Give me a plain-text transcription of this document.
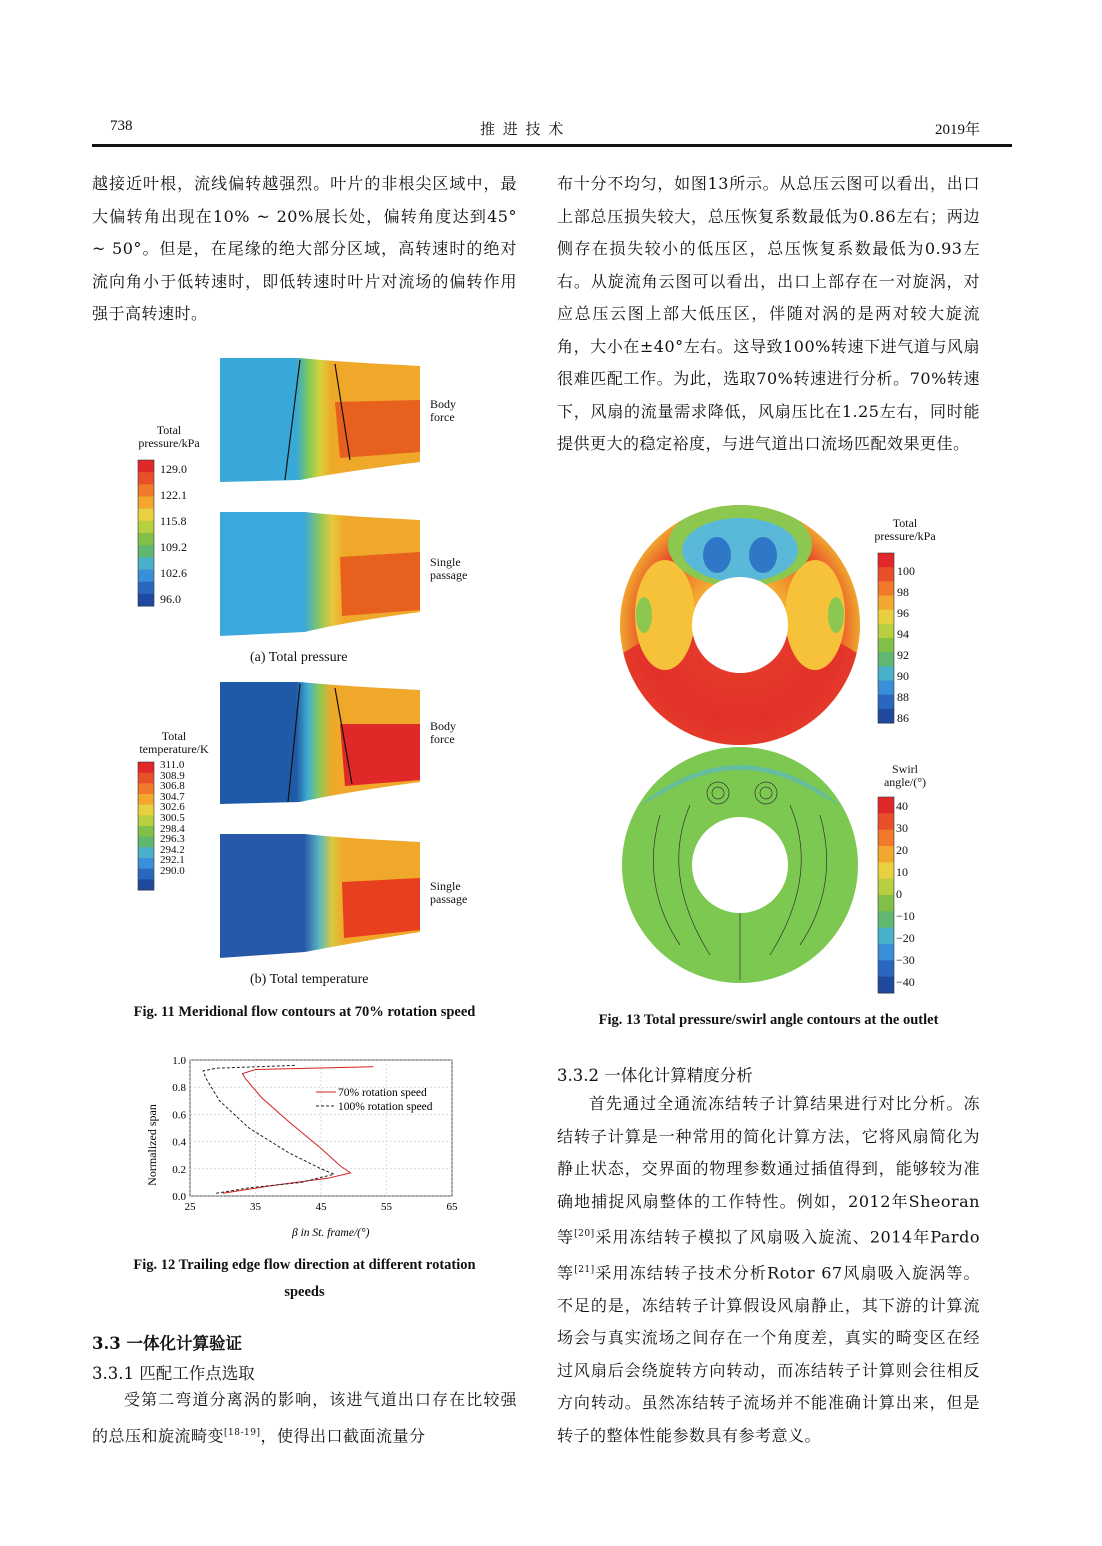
738	推 进 技 术	2019年

越接近叶根，流线偏转越强烈。叶片的非根尖区域中，最大偏转角出现在10% ~ 20%展长处，偏转角度达到45° ~ 50°。但是，在尾缘的绝大部分区域，高转速时的绝对流向角小于低转速时，即低转速时叶片对流场的偏转作用强于高转速时。

布十分不均匀，如图13所示。从总压云图可以看出，出口上部总压损失较大，总压恢复系数最低为0.86左右；两边侧存在损失较小的低压区，总压恢复系数最低为0.93左右。从旋流角云图可以看出，出口上部存在一对旋涡，对应总压云图上部大低压区，伴随对涡的是两对较大旋流角，大小在±40°左右。这导致100%转速下进气道与风扇很难匹配工作。为此，选取70%转速进行分析。70%转速下，风扇的流量需求降低，风扇压比在1.25左右，同时能提供更大的稳定裕度，与进气道出口流场匹配效果更佳。

Total
pressure/kPa
129.0
122.1
115.8
109.2
102.6
96.0
Body
force
Single
passage
(a) Total pressure
Total
temperature/K
311.0
308.9
306.8
304.7
302.6
300.5
298.4
296.3
294.2
292.1
290.0
Body
force
Single
passage
(b) Total temperature
Fig. 11 Meridional flow contours at 70% rotation speed
25	35	45	55	65
0.0
0.2
0.4
0.6
0.8
1.0
70% rotation speed
100% rotation speed
β in St. frame/(°)
Normalized span
Fig. 12 Trailing edge flow direction at different rotation
speeds
3.3 一体化计算验证
3.3.1 匹配工作点选取

受第二弯道分离涡的影响，该进气道出口存在比较强的总压和旋流畸变[18-19]，使得出口截面流量分

Total
pressure/kPa
100
98
96
94
92
90
88
86
Swirl
angle/(°)
40
30
20
10
0
−10
−20
−30
−40
Fig. 13 Total pressure/swirl angle contours at the outlet
3.3.2 一体化计算精度分析

首先通过全通流冻结转子计算结果进行对比分析。冻结转子计算是一种常用的简化计算方法，它将风扇简化为静止状态，交界面的物理参数通过插值得到，能够较为准确地捕捉风扇整体的工作特性。例如，2012年Sheoran等[20]采用冻结转子模拟了风扇吸入旋流、2014年Pardo等[21]采用冻结转子技术分析Rotor 67风扇吸入旋涡等。不足的是，冻结转子计算假设风扇静止，其下游的计算流场会与真实流场之间存在一个角度差，真实的畸变区在经过风扇后会绕旋转方向转动，而冻结转子计算则会往相反方向转动。虽然冻结转子流场并不能准确计算出来，但是转子的整体性能参数具有参考意义。
